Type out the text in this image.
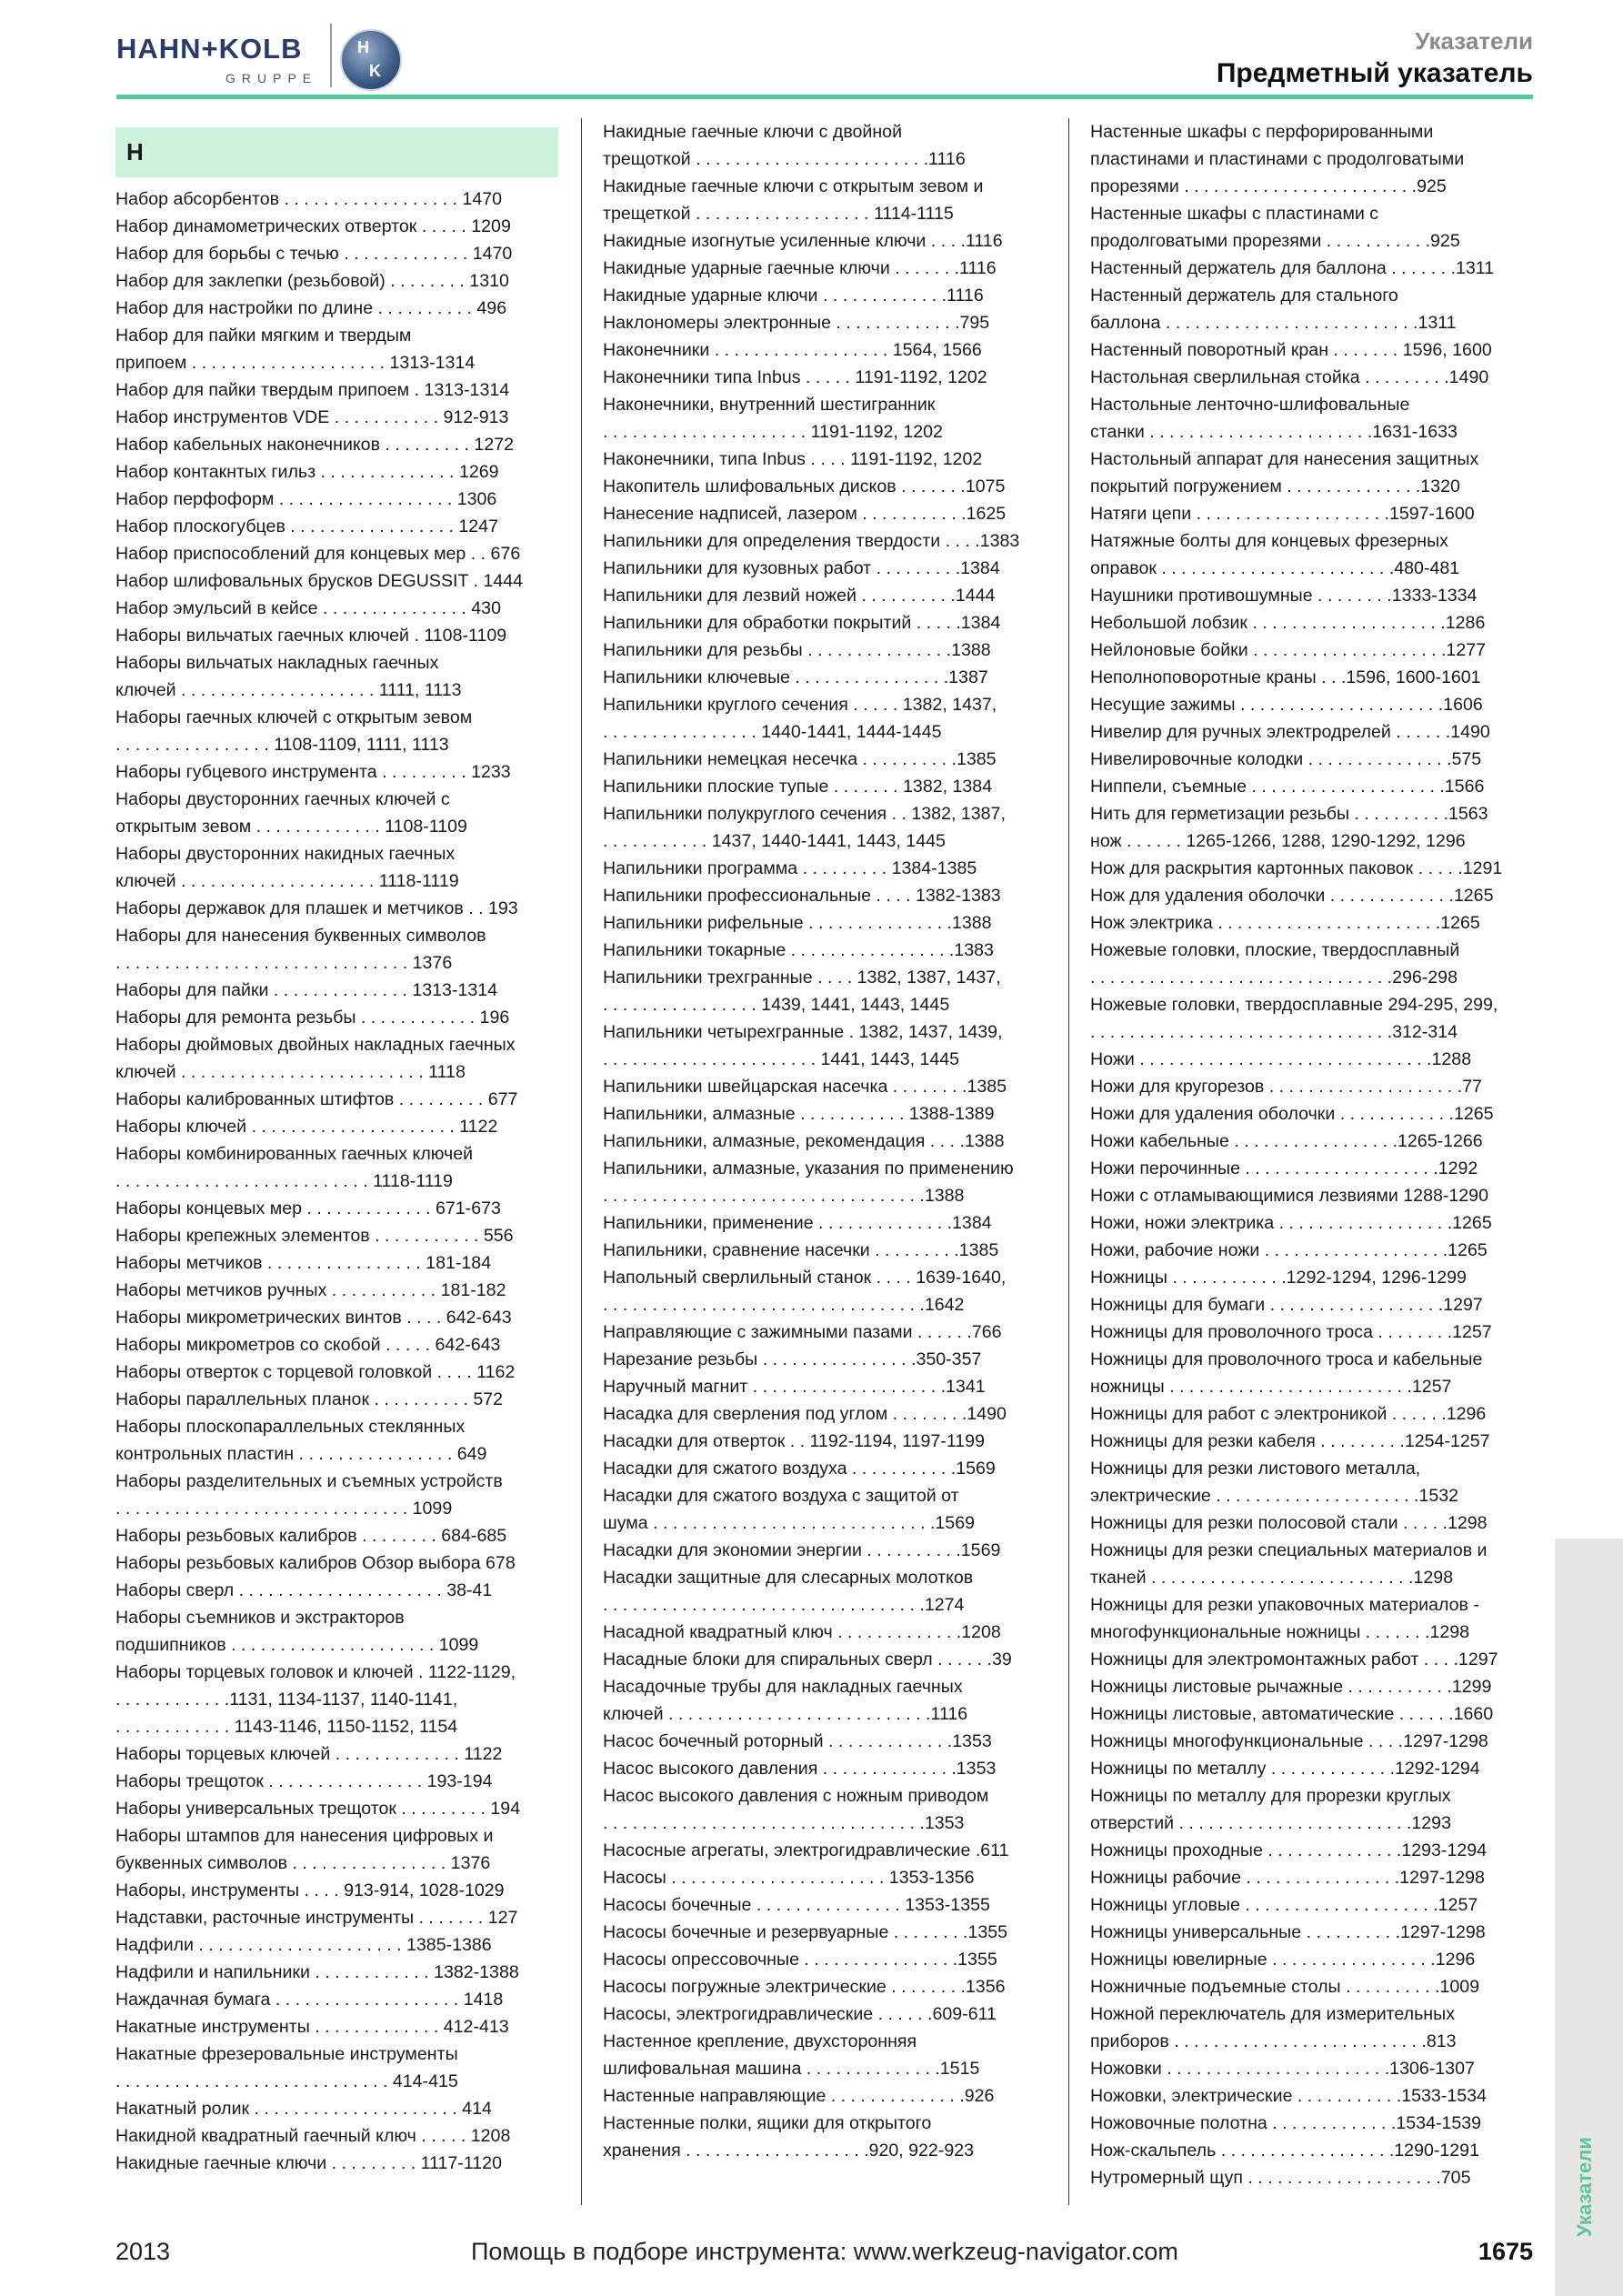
HAHN+KOLB
GRUPPE
H
K
Указатели
Предметный указатель
Н
Набор абсорбентов . . . . . . . . . . . . . . . . . . 1470
Набор динамометрических отверток . . . . . 1209
Набор для борьбы с течью . . . . . . . . . . . . . 1470
Набор для заклепки (резьбовой) . . . . . . . . 1310
Набор для настройки по длине . . . . . . . . . . 496
Набор для пайки мягким и твердым
припоем . . . . . . . . . . . . . . . . . . . . 1313-1314
Набор для пайки твердым припоем . 1313-1314
Набор инструментов VDE . . . . . . . . . . . 912-913
Набор кабельных наконечников . . . . . . . . . 1272
Набор контакнтых гильз . . . . . . . . . . . . . . 1269
Набор перфоформ . . . . . . . . . . . . . . . . . . 1306
Набор плоскогубцев . . . . . . . . . . . . . . . . . 1247
Набор приспособлений для концевых мер . . 676
Набор шлифовальных брусков DEGUSSIT . 1444
Набор эмульсий в кейсе . . . . . . . . . . . . . . . 430
Наборы вильчатых гаечных ключей . 1108-1109
Наборы вильчатых накладных гаечных
ключей . . . . . . . . . . . . . . . . . . . . 1111, 1113
Наборы гаечных ключей с открытым зевом
. . . . . . . . . . . . . . . . 1108-1109, 1111, 1113
Наборы губцевого инструмента . . . . . . . . . 1233
Наборы двусторонних гаечных ключей с
открытым зевом . . . . . . . . . . . . . 1108-1109
Наборы двусторонних накидных гаечных
ключей . . . . . . . . . . . . . . . . . . . . 1118-1119
Наборы державок для плашек и метчиков . . 193
Наборы для нанесения буквенных символов
. . . . . . . . . . . . . . . . . . . . . . . . . . . . . . 1376
Наборы для пайки . . . . . . . . . . . . . . 1313-1314
Наборы для ремонта резьбы . . . . . . . . . . . . 196
Наборы дюймовых двойных накладных гаечных
ключей . . . . . . . . . . . . . . . . . . . . . . . . . 1118
Наборы калиброванных штифтов . . . . . . . . . 677
Наборы ключей . . . . . . . . . . . . . . . . . . . . . 1122
Наборы комбинированных гаечных ключей
. . . . . . . . . . . . . . . . . . . . . . . . . . 1118-1119
Наборы концевых мер . . . . . . . . . . . . . 671-673
Наборы крепежных элементов . . . . . . . . . . . 556
Наборы метчиков . . . . . . . . . . . . . . . . 181-184
Наборы метчиков ручных . . . . . . . . . . . 181-182
Наборы микрометрических винтов . . . . 642-643
Наборы микрометров со скобой . . . . . 642-643
Наборы отверток с торцевой головкой . . . . 1162
Наборы параллельных планок . . . . . . . . . . 572
Наборы плоскопараллельных стеклянных
контрольных пластин . . . . . . . . . . . . . . . . 649
Наборы разделительных и съемных устройств
. . . . . . . . . . . . . . . . . . . . . . . . . . . . . . 1099
Наборы резьбовых калибров . . . . . . . . 684-685
Наборы резьбовых калибров Обзор выбора 678
Наборы сверл . . . . . . . . . . . . . . . . . . . . . 38-41
Наборы съемников и экстракторов
подшипников . . . . . . . . . . . . . . . . . . . . . 1099
Наборы торцевых головок и ключей . 1122-1129,
. . . . . . . . . . . .1131, 1134-1137, 1140-1141,
. . . . . . . . . . . . 1143-1146, 1150-1152, 1154
Наборы торцевых ключей . . . . . . . . . . . . . 1122
Наборы трещоток . . . . . . . . . . . . . . . . 193-194
Наборы универсальных трещоток . . . . . . . . . 194
Наборы штампов для нанесения цифровых и
буквенных символов . . . . . . . . . . . . . . . . 1376
Наборы, инструменты . . . . 913-914, 1028-1029
Надставки, расточные инструменты . . . . . . . 127
Надфили . . . . . . . . . . . . . . . . . . . . . 1385-1386
Надфили и напильники . . . . . . . . . . . . 1382-1388
Наждачная бумага . . . . . . . . . . . . . . . . . . . 1418
Накатные инструменты . . . . . . . . . . . . . 412-413
Накатные фрезеровальные инструменты
. . . . . . . . . . . . . . . . . . . . . . . . . . . . 414-415
Накатный ролик . . . . . . . . . . . . . . . . . . . . . 414
Накидной квадратный гаечный ключ . . . . . 1208
Накидные гаечные ключи . . . . . . . . . 1117-1120
Накидные гаечные ключи с двойной
трещоткой . . . . . . . . . . . . . . . . . . . . . . . .1116
Накидные гаечные ключи с открытым зевом и
трещеткой . . . . . . . . . . . . . . . . . . 1114-1115
Накидные изогнутые усиленные ключи . . . .1116
Накидные ударные гаечные ключи . . . . . . .1116
Накидные ударные ключи . . . . . . . . . . . . .1116
Наклономеры электронные . . . . . . . . . . . . .795
Наконечники . . . . . . . . . . . . . . . . . . 1564, 1566
Наконечники типа Inbus . . . . . 1191-1192, 1202
Наконечники, внутренний шестигранник
. . . . . . . . . . . . . . . . . . . . . 1191-1192, 1202
Наконечники, типа Inbus . . . . 1191-1192, 1202
Накопитель шлифовальных дисков . . . . . . .1075
Нанесение надписей, лазером . . . . . . . . . . .1625
Напильники для определения твердости . . . .1383
Напильники для кузовных работ . . . . . . . . .1384
Напильники для лезвий ножей . . . . . . . . . .1444
Напильники для обработки покрытий . . . . .1384
Напильники для резьбы . . . . . . . . . . . . . . .1388
Напильники ключевые . . . . . . . . . . . . . . . .1387
Напильники круглого сечения . . . . . 1382, 1437,
. . . . . . . . . . . . . . . . 1440-1441, 1444-1445
Напильники немецкая несечка . . . . . . . . . .1385
Напильники плоские тупые . . . . . . . 1382, 1384
Напильники полукруглого сечения . . 1382, 1387,
. . . . . . . . . . . 1437, 1440-1441, 1443, 1445
Напильники программа . . . . . . . . . 1384-1385
Напильники профессиональные . . . . 1382-1383
Напильники рифельные . . . . . . . . . . . . . . .1388
Напильники токарные . . . . . . . . . . . . . . . . .1383
Напильники трехгранные . . . . 1382, 1387, 1437,
. . . . . . . . . . . . . . . . 1439, 1441, 1443, 1445
Напильники четырехгранные . 1382, 1437, 1439,
. . . . . . . . . . . . . . . . . . . . . . 1441, 1443, 1445
Напильники швейцарская насечка . . . . . . . .1385
Напильники, алмазные . . . . . . . . . . . 1388-1389
Напильники, алмазные, рекомендация . . . .1388
Напильники, алмазные, указания по применению
. . . . . . . . . . . . . . . . . . . . . . . . . . . . . . . . .1388
Напильники, применение . . . . . . . . . . . . . .1384
Напильники, сравнение насечки . . . . . . . . .1385
Напольный сверлильный станок . . . . 1639-1640,
. . . . . . . . . . . . . . . . . . . . . . . . . . . . . . . . .1642
Направляющие с зажимными пазами . . . . . .766
Нарезание резьбы . . . . . . . . . . . . . . . .350-357
Наручный магнит . . . . . . . . . . . . . . . . . . . .1341
Насадка для сверления под углом . . . . . . . .1490
Насадки для отверток . . 1192-1194, 1197-1199
Насадки для сжатого воздуха . . . . . . . . . . .1569
Насадки для сжатого воздуха с защитой от
шума . . . . . . . . . . . . . . . . . . . . . . . . . . . . .1569
Насадки для экономии энергии . . . . . . . . . .1569
Насадки защитные для слесарных молотков
. . . . . . . . . . . . . . . . . . . . . . . . . . . . . . . . .1274
Насадной квадратный ключ . . . . . . . . . . . . .1208
Насадные блоки для спиральных сверл . . . . . .39
Насадочные трубы для накладных гаечных
ключей . . . . . . . . . . . . . . . . . . . . . . . . . . .1116
Насос бочечный роторный . . . . . . . . . . . . .1353
Насос высокого давления . . . . . . . . . . . . . .1353
Насос высокого давления с ножным приводом
. . . . . . . . . . . . . . . . . . . . . . . . . . . . . . . . .1353
Насосные агрегаты, электрогидравлические .611
Насосы . . . . . . . . . . . . . . . . . . . . . . 1353-1356
Насосы бочечные . . . . . . . . . . . . . . . 1353-1355
Насосы бочечные и резервуарные . . . . . . . .1355
Насосы опрессовочные . . . . . . . . . . . . . . . .1355
Насосы погружные электрические . . . . . . . .1356
Насосы, электрогидравлические . . . . . .609-611
Настенное крепление, двухсторонняя
шлифовальная машина . . . . . . . . . . . . . .1515
Настенные направляющие . . . . . . . . . . . . . .926
Настенные полки, ящики для открытого
хранения . . . . . . . . . . . . . . . . . . .920, 922-923
Настенные шкафы с перфорированными
пластинами и пластинами с продолговатыми
прорезями . . . . . . . . . . . . . . . . . . . . . . . .925
Настенные шкафы с пластинами с
продолговатыми прорезями . . . . . . . . . . .925
Настенный держатель для баллона . . . . . . .1311
Настенный держатель для стального
баллона . . . . . . . . . . . . . . . . . . . . . . . . . .1311
Настенный поворотный кран . . . . . . . 1596, 1600
Настольная сверлильная стойка . . . . . . . . .1490
Настольные ленточно-шлифовальные
станки . . . . . . . . . . . . . . . . . . . . . . .1631-1633
Настольный аппарат для нанесения защитных
покрытий погружением . . . . . . . . . . . . . .1320
Натяги цепи . . . . . . . . . . . . . . . . . . . .1597-1600
Натяжные болты для концевых фрезерных
оправок . . . . . . . . . . . . . . . . . . . . . . . .480-481
Наушники противошумные . . . . . . . .1333-1334
Небольшой лобзик . . . . . . . . . . . . . . . . . . . .1286
Нейлоновые бойки . . . . . . . . . . . . . . . . . . . .1277
Неполноповоротные краны . . .1596, 1600-1601
Несущие зажимы . . . . . . . . . . . . . . . . . . . . .1606
Нивелир для ручных электродрелей . . . . . .1490
Нивелировочные колодки . . . . . . . . . . . . . . .575
Ниппели, съемные . . . . . . . . . . . . . . . . . . . .1566
Нить для герметизации резьбы . . . . . . . . . .1563
нож . . . . . . 1265-1266, 1288, 1290-1292, 1296
Нож для раскрытия картонных паковок . . . . .1291
Нож для удаления оболочки . . . . . . . . . . . . .1265
Нож электрика . . . . . . . . . . . . . . . . . . . . . . .1265
Ножевые головки, плоские, твердосплавный
. . . . . . . . . . . . . . . . . . . . . . . . . . . . . . .296-298
Ножевые головки, твердосплавные 294-295, 299,
. . . . . . . . . . . . . . . . . . . . . . . . . . . . . . .312-314
Ножи . . . . . . . . . . . . . . . . . . . . . . . . . . . . . .1288
Ножи для кругорезов . . . . . . . . . . . . . . . . . . . .77
Ножи для удаления оболочки . . . . . . . . . . . .1265
Ножи кабельные . . . . . . . . . . . . . . . . .1265-1266
Ножи перочинные . . . . . . . . . . . . . . . . . . . .1292
Ножи с отламывающимися лезвиями 1288-1290
Ножи, ножи электрика . . . . . . . . . . . . . . . . . .1265
Ножи, рабочие ножи . . . . . . . . . . . . . . . . . . .1265
Ножницы . . . . . . . . . . . .1292-1294, 1296-1299
Ножницы для бумаги . . . . . . . . . . . . . . . . . .1297
Ножницы для проволочного троса . . . . . . . .1257
Ножницы для проволочного троса и кабельные
ножницы . . . . . . . . . . . . . . . . . . . . . . . . .1257
Ножницы для работ с электроникой . . . . . .1296
Ножницы для резки кабеля . . . . . . . . .1254-1257
Ножницы для резки листового металла,
электрические . . . . . . . . . . . . . . . . . . . . .1532
Ножницы для резки полосовой стали . . . . .1298
Ножницы для резки специальных материалов и
тканей . . . . . . . . . . . . . . . . . . . . . . . . . . .1298
Ножницы для резки упаковочных материалов -
многофункциональные ножницы . . . . . . .1298
Ножницы для электромонтажных работ . . . .1297
Ножницы листовые рычажные . . . . . . . . . . .1299
Ножницы листовые, автоматические . . . . . .1660
Ножницы многофункциональные . . . .1297-1298
Ножницы по металлу . . . . . . . . . . . . .1292-1294
Ножницы по металлу для прорезки круглых
отверстий . . . . . . . . . . . . . . . . . . . . . . . .1293
Ножницы проходные . . . . . . . . . . . . . .1293-1294
Ножницы рабочие . . . . . . . . . . . . . . . .1297-1298
Ножницы угловые . . . . . . . . . . . . . . . . . . . .1257
Ножницы универсальные . . . . . . . . . .1297-1298
Ножницы ювелирные . . . . . . . . . . . . . . . . .1296
Ножничные подъемные столы . . . . . . . . . .1009
Ножной переключатель для измерительных
приборов . . . . . . . . . . . . . . . . . . . . . . . . . .813
Ножовки . . . . . . . . . . . . . . . . . . . . . . .1306-1307
Ножовки, электрические . . . . . . . . . . .1533-1534
Ножовочные полотна . . . . . . . . . . . . .1534-1539
Нож-скальпель . . . . . . . . . . . . . . . . . .1290-1291
Нутромерный щуп . . . . . . . . . . . . . . . . . . . .705	Указатели
2013	Помощь в подборе инструмента: www.werkzeug-navigator.com	1675
